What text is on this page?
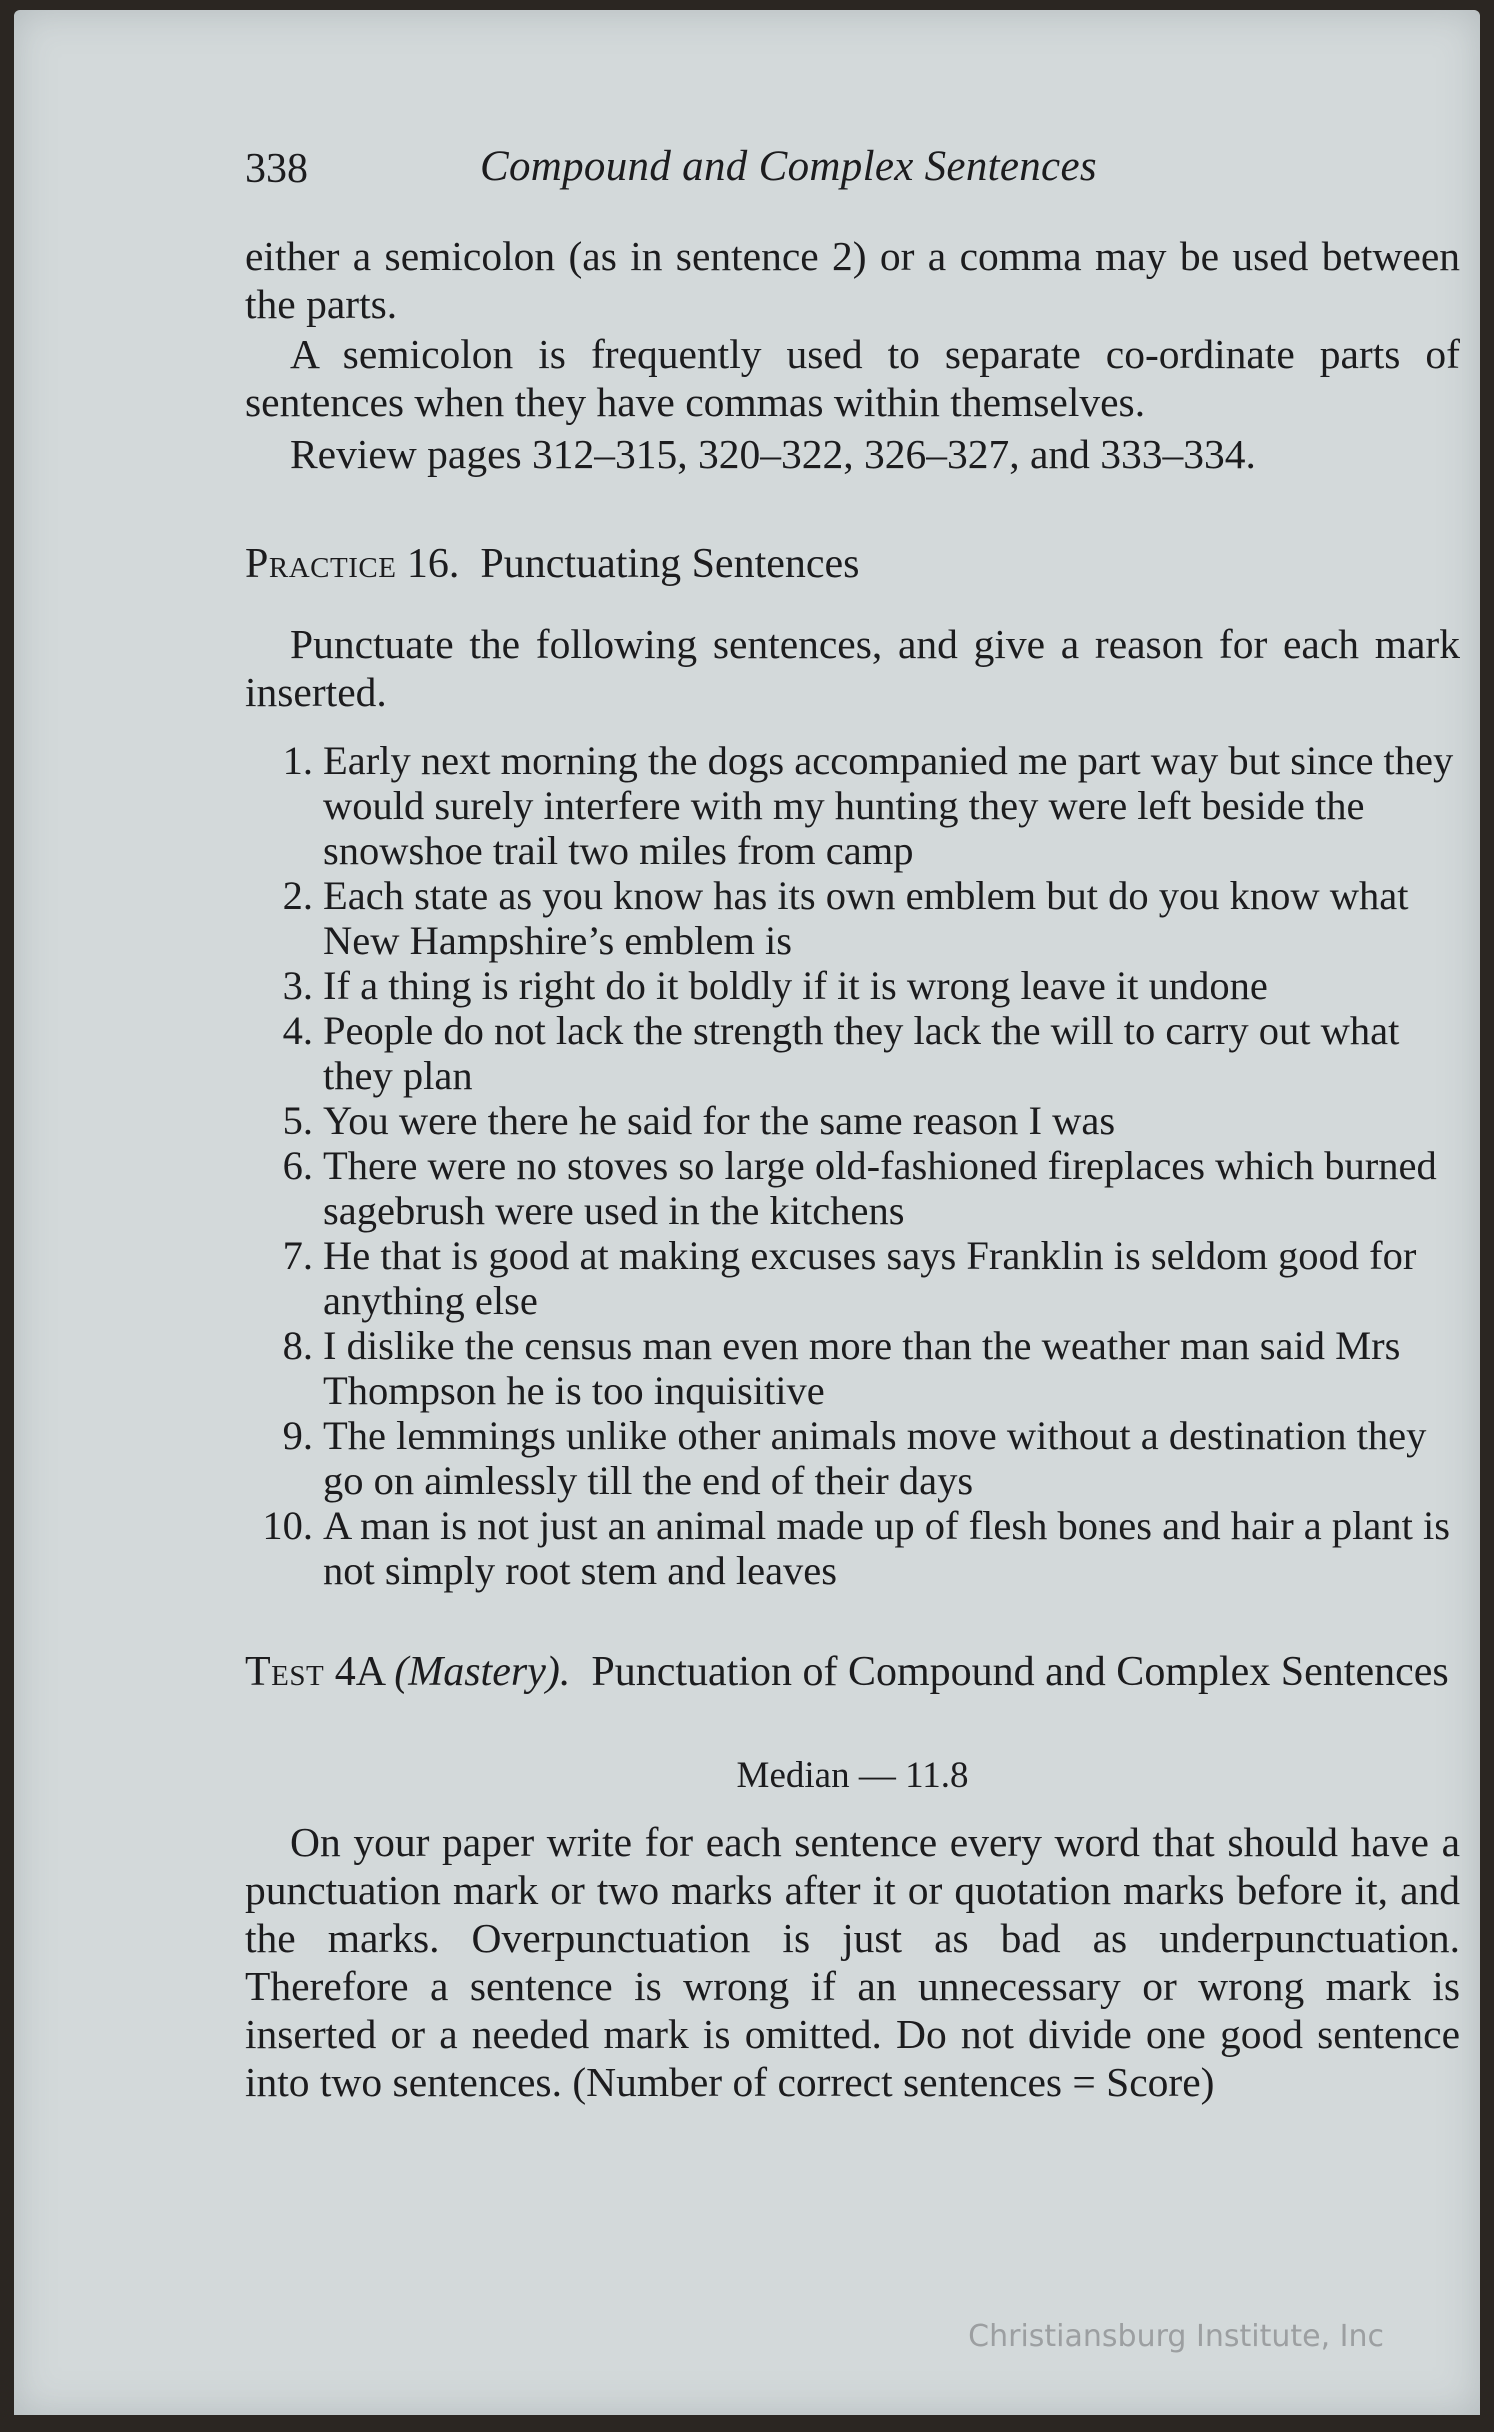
338	Compound and Complex Sentences

either a semicolon (as in sentence 2) or a comma may be used between the parts.

A semicolon is frequently used to separate co-ordinate parts of sentences when they have commas within themselves.

Review pages 312–315, 320–322, 326–327, and 333–334.

Practice 16. Punctuating Sentences

Punctuate the following sentences, and give a reason for each mark inserted.

1. Early next morning the dogs accompanied me part way but since they would surely interfere with my hunting they were left beside the snowshoe trail two miles from camp
2. Each state as you know has its own emblem but do you know what New Hampshire’s emblem is
3. If a thing is right do it boldly if it is wrong leave it undone
4. People do not lack the strength they lack the will to carry out what they plan
5. You were there he said for the same reason I was
6. There were no stoves so large old-fashioned fireplaces which burned sagebrush were used in the kitchens
7. He that is good at making excuses says Franklin is seldom good for anything else
8. I dislike the census man even more than the weather man said Mrs Thompson he is too inquisitive
9. The lemmings unlike other animals move without a destination they go on aimlessly till the end of their days
10. A man is not just an animal made up of flesh bones and hair a plant is not simply root stem and leaves
Test 4A (Mastery). Punctuation of Compound and Complex Sentences

Median — 11.8

On your paper write for each sentence every word that should have a punctuation mark or two marks after it or quotation marks before it, and the marks. Overpunctuation is just as bad as underpunctuation. Therefore a sentence is wrong if an unnecessary or wrong mark is inserted or a needed mark is omitted. Do not divide one good sentence into two sentences. (Number of correct sentences = Score)

Christiansburg Institute, Inc
